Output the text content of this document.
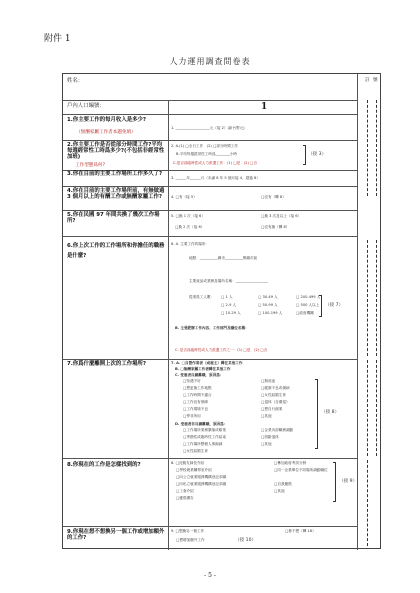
附件 1
人力運用調查問卷表
姓名：	註 號
戶內人口編號：	1
1.你主要工作的每月收入是多少?
（無酬家屬工作者本題免填）
1. ___________________元（接 2）(新台幣元)
2.你主要工作是否從部分時間工作?平均每週經常性工時爲多少?(不包括非經常性加班)
工作型態爲何?
2. A.(1) □全日工作　(2) □部分時間工作
B.平均每週經常性工時爲________小時
C.是否爲臨時性或人力派遣工作：(1) □是　(2) □否
（接 3）
3.你在目前的主要工作場所工作多久了?
3. ______年______月（未滿 8 年 5 個月接 4，超過 8）
4.你在目前的主要工作場所前，有無做過 3 個月以上的有酬工作或無酬家屬工作?	4. □有（接 5）	□沒有（轉 8）
5.你在民國 97 年間共換了幾次工作場所?
5. □換 1 次（接 6）
□換 2 次（接 6）
□換 3 次及以上（接 6）
□沒有換（轉 8）
6.你上次工作的工作場所和你擔任的職務是什麼?
6. A. 主要工作的場所：
地點：__________縣市__________鄉鎮市區
主要產品或業務及場所名稱：__________________
從業員工人數： □ 1 人	□ 30-49 人	□ 200-499 人
□ 2-9 人	□ 50-99 人	□ 500 人以上
□ 10-29 人	□ 100-199 人	□政府機關
（接 7）
B. 主要經辦工作內容、工作部門及職位名稱：
C. 是否爲臨時性或人力派遣工作之一：(1) □是　(2) □否
7.你爲什麼離開上次的工作場所?	7. A. □自營作業者（或雇主）轉任其他工作
B. □無酬家屬工作者轉任其他工作
C. 受雇者自願離職，原因爲：
□待遇不好
□想更換工作地點
□工作時間不適合
□工作沒有保障
□工作環境不良
□學非所用
□無前途
□健康不良或傷病
□女性結婚生育
□退休（含優退）
□想自行創業
□其他
D. 受雇者非自願離職，原因爲：
□工作場所業務緊縮或歇業
□季節性或臨時性工作結束
□工作場所整頓人事縮減
□女性結婚生育
□企業內部職務調動
□屆齡退休
□其他
（接 8）
8.你現在的工作是怎樣找到的?	8. □託親友師長介紹
□學校就業輔導室介紹
□向公立就業服務機構登記求職
□向私立就業服務機構登記求職
□工會介紹
□應徵廣告
□參加政府考試分發
□同一企業單位不同場所調動職位
□自我應徵
□其他
（接 9）
9.你現在想不想換另一個工作或增加額外的工作?
9. □想換另一個工作
□想增加額外工作
□都不想（轉 18）
（接 10）
- 5 -
